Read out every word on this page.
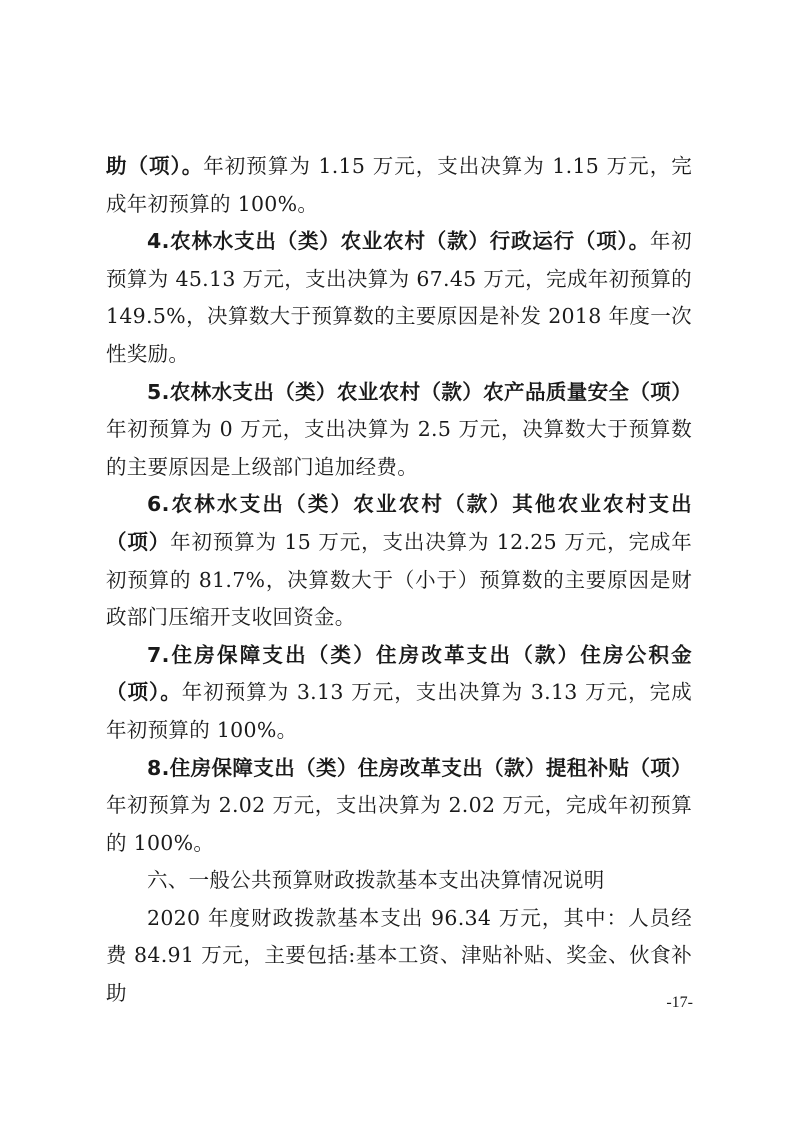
助（项）。年初预算为 1.15 万元，支出决算为 1.15 万元，完成年初预算的 100%。

4.农林水支出（类）农业农村（款）行政运行（项）。年初预算为 45.13 万元，支出决算为 67.45 万元，完成年初预算的 149.5%，决算数大于预算数的主要原因是补发 2018 年度一次性奖励。

5.农林水支出（类）农业农村（款）农产品质量安全（项）年初预算为 0 万元，支出决算为 2.5 万元，决算数大于预算数的主要原因是上级部门追加经费。

6.农林水支出（类）农业农村（款）其他农业农村支出（项）年初预算为 15 万元，支出决算为 12.25 万元，完成年初预算的 81.7%，决算数大于（小于）预算数的主要原因是财政部门压缩开支收回资金。

7.住房保障支出（类）住房改革支出（款）住房公积金（项）。年初预算为 3.13 万元，支出决算为 3.13 万元，完成年初预算的 100%。

8.住房保障支出（类）住房改革支出（款）提租补贴（项）年初预算为 2.02 万元，支出决算为 2.02 万元，完成年初预算的 100%。

六、一般公共预算财政拨款基本支出决算情况说明

2020 年度财政拨款基本支出 96.34 万元，其中：人员经费 84.91 万元，主要包括:基本工资、津贴补贴、奖金、伙食补助	-17-
